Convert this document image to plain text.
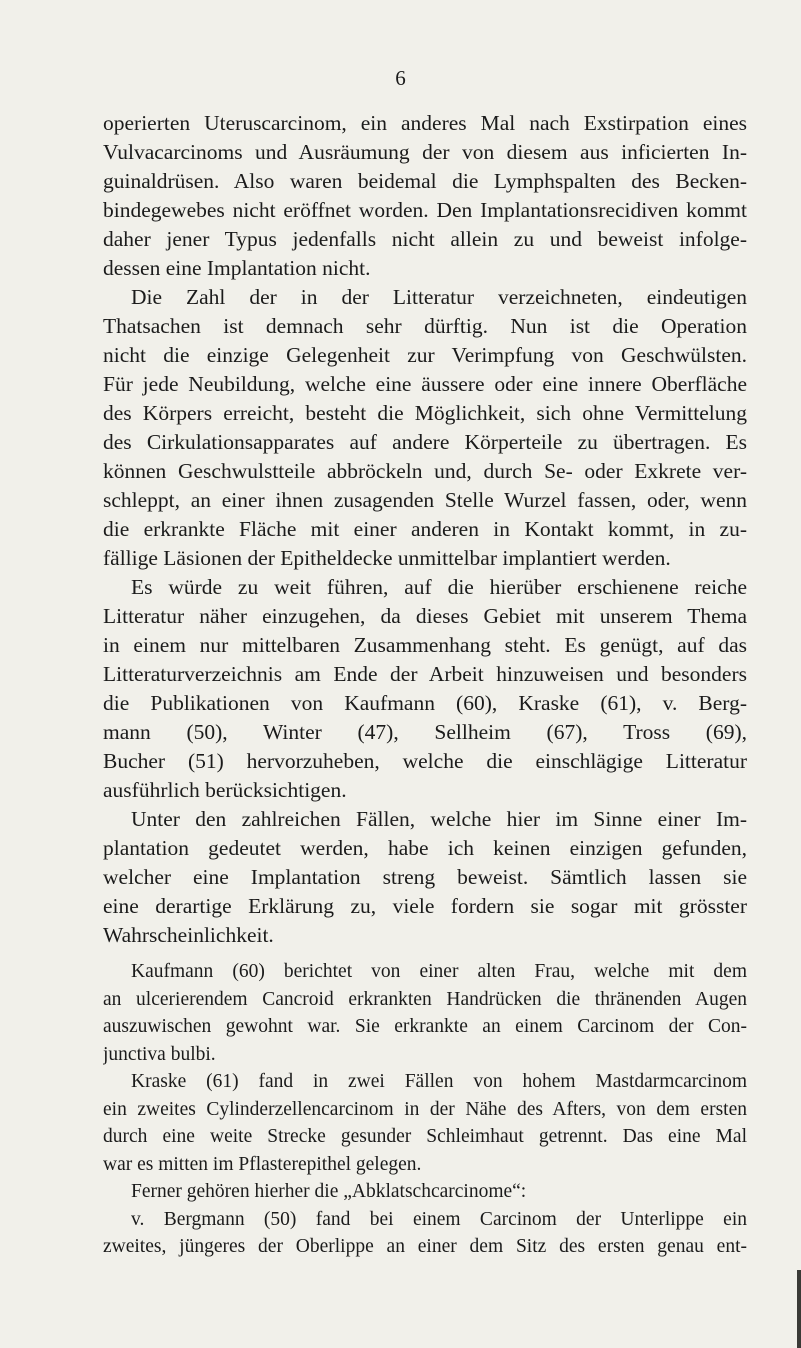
6
operierten Uteruscarcinom, ein anderes Mal nach Exstirpation eines
Vulvacarcinoms und Ausräumung der von diesem aus inficierten In-
guinaldrüsen. Also waren beidemal die Lymphspalten des Becken-
bindegewebes nicht eröffnet worden. Den Implantationsrecidiven kommt
daher jener Typus jedenfalls nicht allein zu und beweist infolge-
dessen eine Implantation nicht.
Die Zahl der in der Litteratur verzeichneten, eindeutigen
Thatsachen ist demnach sehr dürftig. Nun ist die Operation
nicht die einzige Gelegenheit zur Verimpfung von Geschwülsten.
Für jede Neubildung, welche eine äussere oder eine innere Oberfläche
des Körpers erreicht, besteht die Möglichkeit, sich ohne Vermittelung
des Cirkulationsapparates auf andere Körperteile zu übertragen. Es
können Geschwulstteile abbröckeln und, durch Se- oder Exkrete ver-
schleppt, an einer ihnen zusagenden Stelle Wurzel fassen, oder, wenn
die erkrankte Fläche mit einer anderen in Kontakt kommt, in zu-
fällige Läsionen der Epitheldecke unmittelbar implantiert werden.
Es würde zu weit führen, auf die hierüber erschienene reiche
Litteratur näher einzugehen, da dieses Gebiet mit unserem Thema
in einem nur mittelbaren Zusammenhang steht. Es genügt, auf das
Litteraturverzeichnis am Ende der Arbeit hinzuweisen und besonders
die Publikationen von Kaufmann (60), Kraske (61), v. Berg-
mann (50), Winter (47), Sellheim (67), Tross (69),
Bucher (51) hervorzuheben, welche die einschlägige Litteratur
ausführlich berücksichtigen.
Unter den zahlreichen Fällen, welche hier im Sinne einer Im-
plantation gedeutet werden, habe ich keinen einzigen gefunden,
welcher eine Implantation streng beweist. Sämtlich lassen sie
eine derartige Erklärung zu, viele fordern sie sogar mit grösster
Wahrscheinlichkeit.
Kaufmann (60) berichtet von einer alten Frau, welche mit dem
an ulcerierendem Cancroid erkrankten Handrücken die thränenden Augen
auszuwischen gewohnt war. Sie erkrankte an einem Carcinom der Con-
junctiva bulbi.
Kraske (61) fand in zwei Fällen von hohem Mastdarmcarcinom
ein zweites Cylinderzellencarcinom in der Nähe des Afters, von dem ersten
durch eine weite Strecke gesunder Schleimhaut getrennt. Das eine Mal
war es mitten im Pflasterepithel gelegen.
Ferner gehören hierher die „Abklatschcarcinome“:
v. Bergmann (50) fand bei einem Carcinom der Unterlippe ein
zweites, jüngeres der Oberlippe an einer dem Sitz des ersten genau ent-
